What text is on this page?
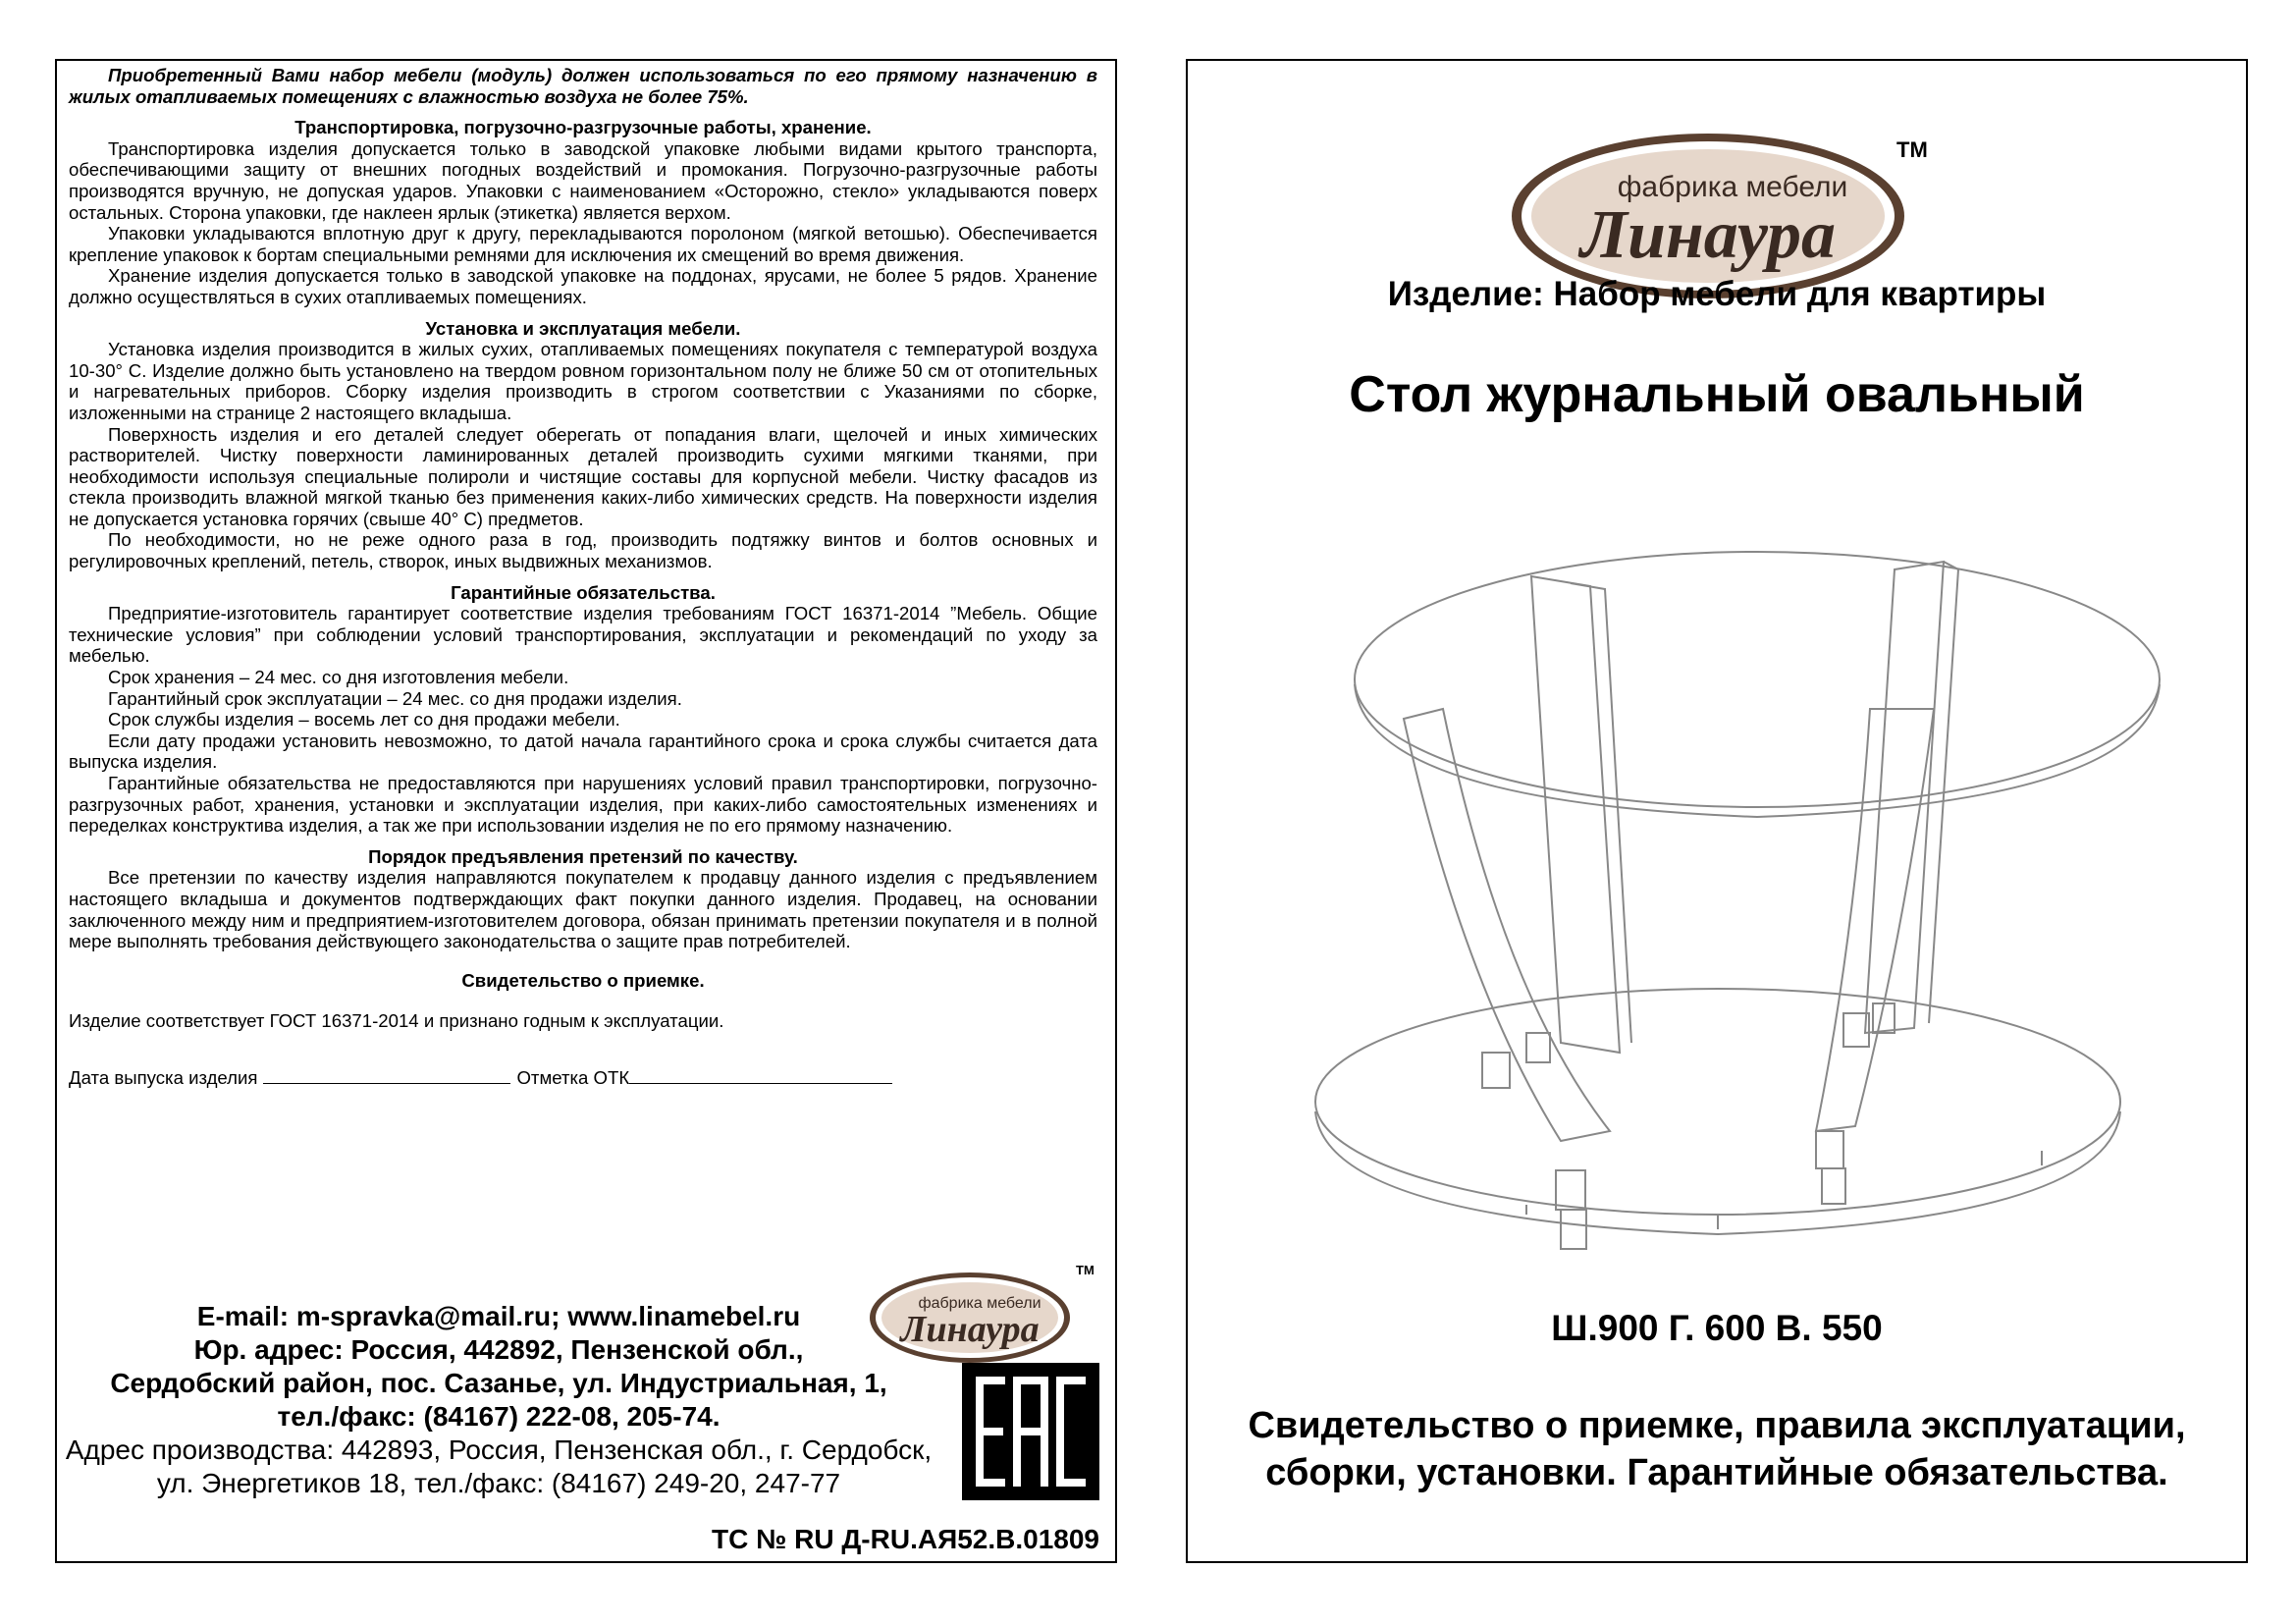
Приобретенный Вами набор мебели (модуль) должен использоваться по его прямому назначению в жилых отапливаемых помещениях с влажностью воздуха не более 75%.

Транспортировка, погрузочно-разгрузочные работы, хранение.

Транспортировка изделия допускается только в заводской упаковке любыми видами крытого транспорта, обеспечивающими защиту от внешних погодных воздействий и промокания. Погрузочно-разгрузочные работы производятся вручную, не допуская ударов. Упаковки с наименованием «Осторожно, стекло» укладываются поверх остальных. Сторона упаковки, где наклеен ярлык (этикетка) является верхом.

Упаковки укладываются вплотную друг к другу, перекладываются поролоном (мягкой ветошью). Обеспечивается крепление упаковок к бортам специальными ремнями для исключения их смещений во время движения.

Хранение изделия допускается только в заводской упаковке на поддонах, ярусами, не более 5 рядов. Хранение должно осуществляться в сухих отапливаемых помещениях.

Установка и эксплуатация мебели.

Установка изделия производится в жилых сухих, отапливаемых помещениях покупателя с температурой воздуха 10-30° С. Изделие должно быть установлено на твердом ровном горизонтальном полу не ближе 50 см от отопительных и нагревательных приборов. Сборку изделия производить в строгом соответствии с Указаниями по сборке, изложенными на странице 2 настоящего вкладыша.

Поверхность изделия и его деталей следует оберегать от попадания влаги, щелочей и иных химических растворителей. Чистку поверхности ламинированных деталей производить сухими мягкими тканями, при необходимости используя специальные полироли и чистящие составы для корпусной мебели. Чистку фасадов из стекла производить влажной мягкой тканью без применения каких-либо химических средств. На поверхности изделия не допускается установка горячих (свыше 40° С) предметов.

По необходимости, но не реже одного раза в год, производить подтяжку винтов и болтов основных и регулировочных креплений, петель, створок, иных выдвижных механизмов.

Гарантийные обязательства.

Предприятие-изготовитель гарантирует соответствие изделия требованиям ГОСТ 16371-2014 ”Мебель. Общие технические условия” при соблюдении условий транспортирования, эксплуатации и рекомендаций по уходу за мебелью.

Срок хранения – 24 мес. со дня изготовления мебели.

Гарантийный срок эксплуатации – 24 мес. со дня продажи изделия.

Срок службы изделия – восемь лет со дня продажи мебели.

Если дату продажи установить невозможно, то датой начала гарантийного срока и срока службы считается дата выпуска изделия.

Гарантийные обязательства не предоставляются при нарушениях условий правил транспортировки, погрузочно-разгрузочных работ, хранения, установки и эксплуатации изделия, при каких-либо самостоятельных изменениях и переделках конструктива изделия, а так же при использовании изделия не по его прямому назначению.

Порядок предъявления претензий по качеству.

Все претензии по качеству изделия направляются покупателем к продавцу данного изделия с предъявлением настоящего вкладыша и документов подтверждающих факт покупки данного изделия. Продавец, на основании заключенного между ним и предприятием-изготовителем договора, обязан принимать претензии покупателя и в полной мере выполнять требования действующего законодательства о защите прав потребителей.

Свидетельство о приемке.

Изделие соответствует ГОСТ 16371-2014 и признано годным к эксплуатации.

Дата выпуска изделия	Отметка ОТК

фабрика мебели
Линаура
TM
E-mail: m-spravka@mail.ru; www.linamebel.ru
Юр. адрес: Россия, 442892, Пензенской обл.,
Сердобский район, пос. Сазанье, ул. Индустриальная, 1,
тел./факс: (84167) 222-08, 205-74.
Адрес производства: 442893, Россия, Пензенская обл., г. Сердобск,
ул. Энергетиков 18, тел./факс: (84167) 249-20, 247-77
ТС № RU Д-RU.АЯ52.В.01809
фабрика мебели
Линаура
TM
Изделие: Набор мебели для квартиры
Стол журнальный овальный
Ш.900 Г. 600 В. 550
Свидетельство о приемке, правила эксплуатации,
сборки, установки. Гарантийные обязательства.
